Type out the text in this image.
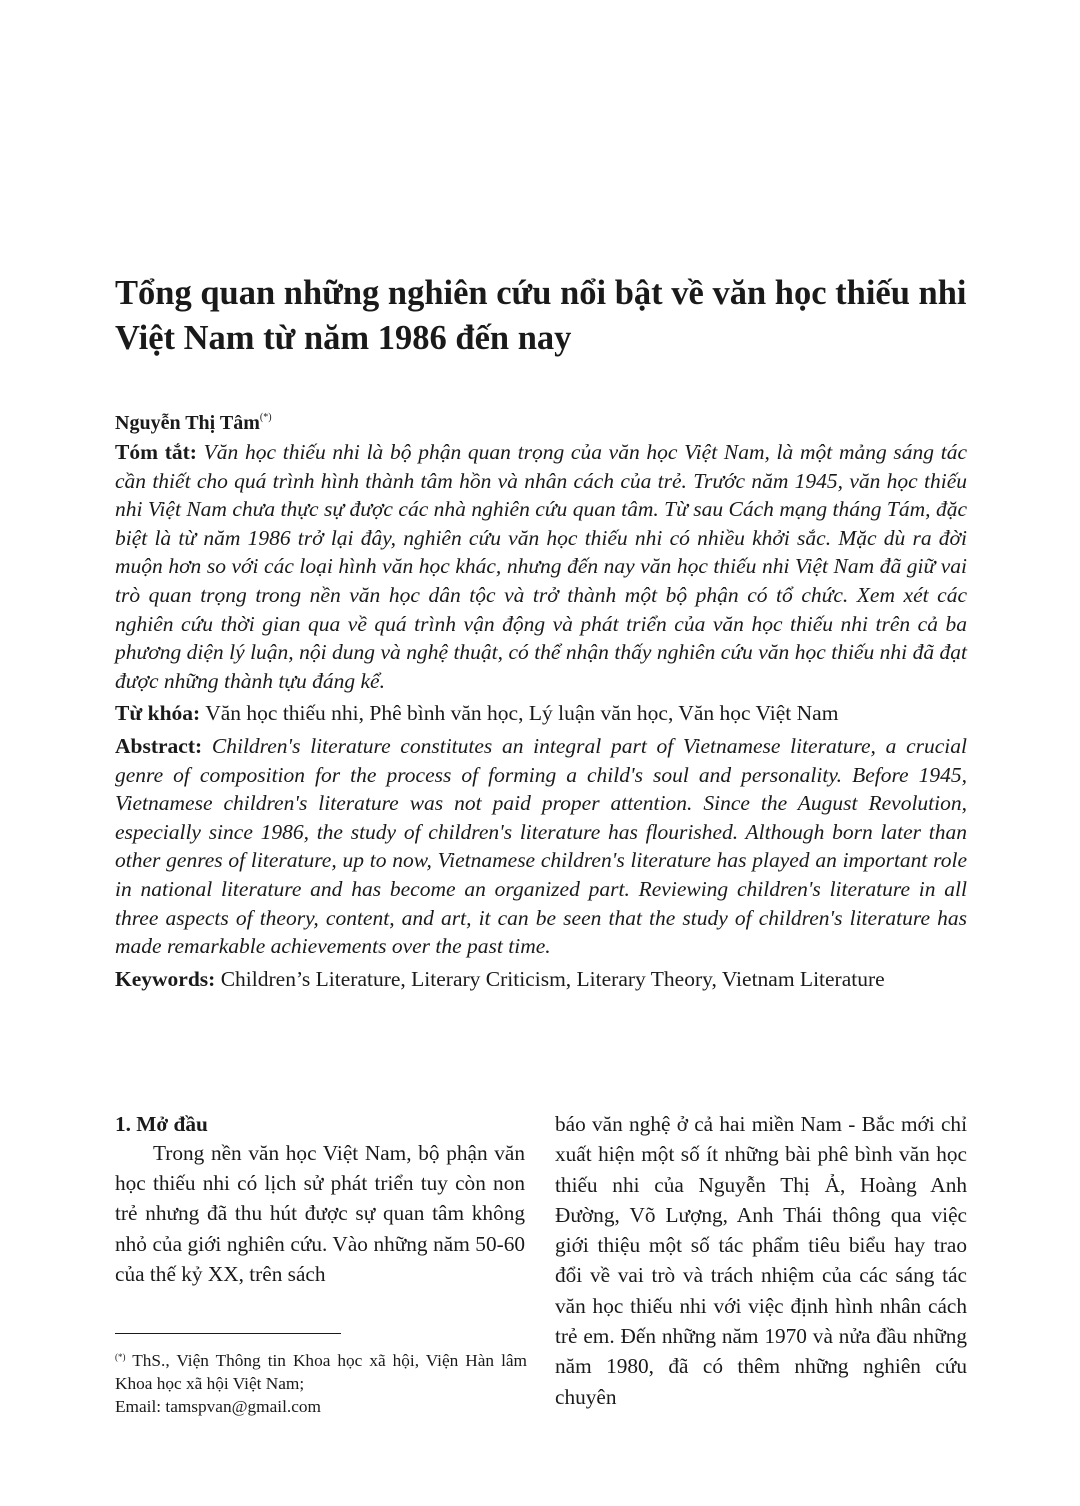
Tổng quan những nghiên cứu nổi bật về văn học thiếu nhi Việt Nam từ năm 1986 đến nay
Nguyễn Thị Tâm(*)

Tóm tắt: Văn học thiếu nhi là bộ phận quan trọng của văn học Việt Nam, là một mảng sáng tác cần thiết cho quá trình hình thành tâm hồn và nhân cách của trẻ. Trước năm 1945, văn học thiếu nhi Việt Nam chưa thực sự được các nhà nghiên cứu quan tâm. Từ sau Cách mạng tháng Tám, đặc biệt là từ năm 1986 trở lại đây, nghiên cứu văn học thiếu nhi có nhiều khởi sắc. Mặc dù ra đời muộn hơn so với các loại hình văn học khác, nhưng đến nay văn học thiếu nhi Việt Nam đã giữ vai trò quan trọng trong nền văn học dân tộc và trở thành một bộ phận có tổ chức. Xem xét các nghiên cứu thời gian qua về quá trình vận động và phát triển của văn học thiếu nhi trên cả ba phương diện lý luận, nội dung và nghệ thuật, có thể nhận thấy nghiên cứu văn học thiếu nhi đã đạt được những thành tựu đáng kể.

Từ khóa: Văn học thiếu nhi, Phê bình văn học, Lý luận văn học, Văn học Việt Nam

Abstract: Children's literature constitutes an integral part of Vietnamese literature, a crucial genre of composition for the process of forming a child's soul and personality. Before 1945, Vietnamese children's literature was not paid proper attention. Since the August Revolution, especially since 1986, the study of children's literature has flourished. Although born later than other genres of literature, up to now, Vietnamese children's literature has played an important role in national literature and has become an organized part. Reviewing children's literature in all three aspects of theory, content, and art, it can be seen that the study of children's literature has made remarkable achievements over the past time.

Keywords: Children’s Literature, Literary Criticism, Literary Theory, Vietnam Literature

1. Mở đầu

Trong nền văn học Việt Nam, bộ phận văn học thiếu nhi có lịch sử phát triển tuy còn non trẻ nhưng đã thu hút được sự quan tâm không nhỏ của giới nghiên cứu. Vào những năm 50-60 của thế kỷ XX, trên sách

(*) ThS., Viện Thông tin Khoa học xã hội, Viện Hàn lâm Khoa học xã hội Việt Nam;
Email: tamspvan@gmail.com

báo văn nghệ ở cả hai miền Nam - Bắc mới chỉ xuất hiện một số ít những bài phê bình văn học thiếu nhi của Nguyễn Thị Ả, Hoàng Anh Đường, Võ Lượng, Anh Thái thông qua việc giới thiệu một số tác phẩm tiêu biểu hay trao đổi về vai trò và trách nhiệm của các sáng tác văn học thiếu nhi với việc định hình nhân cách trẻ em. Đến những năm 1970 và nửa đầu những năm 1980, đã có thêm những nghiên cứu chuyên
